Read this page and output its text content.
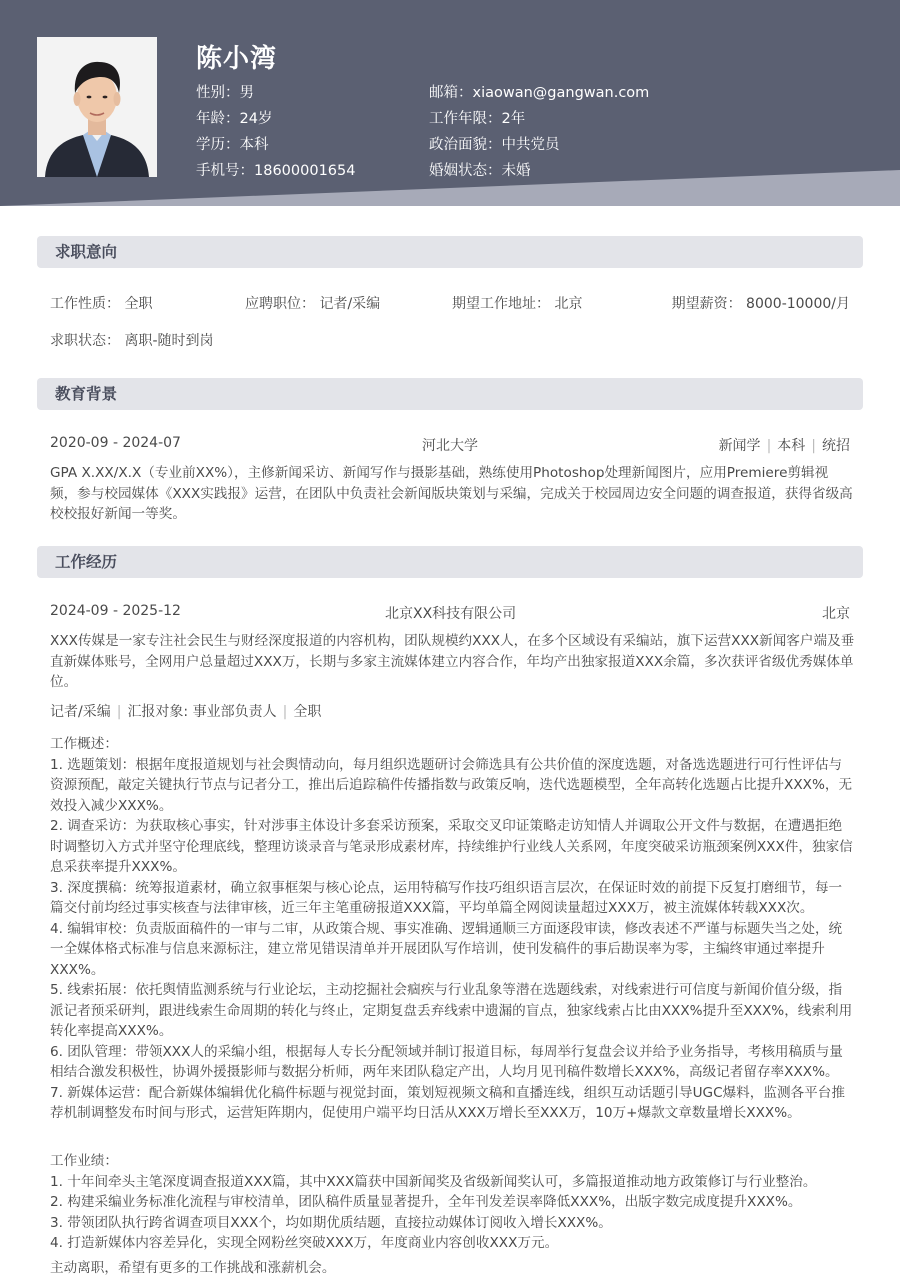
陈小湾
性别：男
年龄：24岁
学历：本科
手机号：18600001654
邮箱：xiaowan@gangwan.com
工作年限：2年
政治面貌：中共党员
婚姻状态：未婚
求职意向
工作性质： 全职	应聘职位： 记者/采编	期望工作地址： 北京	期望薪资： 8000-10000/月
求职状态： 离职-随时到岗
教育背景
2020-09 - 2024-07	河北大学	新闻学 | 本科 | 统招
GPA X.XX/X.X（专业前XX%），主修新闻采访、新闻写作与摄影基础，熟练使用Photoshop处理新闻图片，应用Premiere剪辑视频，参与校园媒体《XXX实践报》运营，在团队中负责社会新闻版块策划与采编，完成关于校园周边安全问题的调查报道，获得省级高校校报好新闻一等奖。
工作经历
2024-09 - 2025-12	北京XX科技有限公司	北京
XXX传媒是一家专注社会民生与财经深度报道的内容机构，团队规模约XXX人，在多个区域设有采编站，旗下运营XXX新闻客户端及垂直新媒体账号，全网用户总量超过XXX万，长期与多家主流媒体建立内容合作，年均产出独家报道XXX余篇，多次获评省级优秀媒体单位。
记者/采编 | 汇报对象: 事业部负责人 | 全职
工作概述：
1. 选题策划：根据年度报道规划与社会舆情动向，每月组织选题研讨会筛选具有公共价值的深度选题，对备选选题进行可行性评估与资源预配，敲定关键执行节点与记者分工，推出后追踪稿件传播指数与政策反响，迭代选题模型，全年高转化选题占比提升XXX%，无效投入减少XXX%。
2. 调查采访：为获取核心事实，针对涉事主体设计多套采访预案，采取交叉印证策略走访知情人并调取公开文件与数据，在遭遇拒绝时调整切入方式并坚守伦理底线，整理访谈录音与笔录形成素材库，持续维护行业线人关系网，年度突破采访瓶颈案例XXX件，独家信息采获率提升XXX%。
3. 深度撰稿：统筹报道素材，确立叙事框架与核心论点，运用特稿写作技巧组织语言层次，在保证时效的前提下反复打磨细节，每一篇交付前均经过事实核查与法律审核，近三年主笔重磅报道XXX篇，平均单篇全网阅读量超过XXX万，被主流媒体转载XXX次。
4. 编辑审校：负责版面稿件的一审与二审，从政策合规、事实准确、逻辑通顺三方面逐段审读，修改表述不严谨与标题失当之处，统一全媒体格式标准与信息来源标注，建立常见错误清单并开展团队写作培训，使刊发稿件的事后勘误率为零，主编终审通过率提升XXX%。
5. 线索拓展：依托舆情监测系统与行业论坛，主动挖掘社会痼疾与行业乱象等潜在选题线索，对线索进行可信度与新闻价值分级，指派记者预采研判，跟进线索生命周期的转化与终止，定期复盘丢弃线索中遗漏的盲点，独家线索占比由XXX%提升至XXX%，线索利用转化率提高XXX%。
6. 团队管理：带领XXX人的采编小组，根据每人专长分配领域并制订报道目标，每周举行复盘会议并给予业务指导，考核用稿质与量相结合激发积极性，协调外援摄影师与数据分析师，两年来团队稳定产出，人均月见刊稿件数增长XXX%，高级记者留存率XXX%。
7. 新媒体运营：配合新媒体编辑优化稿件标题与视觉封面，策划短视频文稿和直播连线，组织互动话题引导UGC爆料，监测各平台推荐机制调整发布时间与形式，运营矩阵期内，促使用户端平均日活从XXX万增长至XXX万，10万+爆款文章数量增长XXX%。
工作业绩：
1. 十年间牵头主笔深度调查报道XXX篇，其中XXX篇获中国新闻奖及省级新闻奖认可，多篇报道推动地方政策修订与行业整治。
2. 构建采编业务标准化流程与审校清单，团队稿件质量显著提升，全年刊发差误率降低XXX%，出版字数完成度提升XXX%。
3. 带领团队执行跨省调查项目XXX个，均如期优质结题，直接拉动媒体订阅收入增长XXX%。
4. 打造新媒体内容差异化，实现全网粉丝突破XXX万，年度商业内容创收XXX万元。
主动离职，希望有更多的工作挑战和涨薪机会。
